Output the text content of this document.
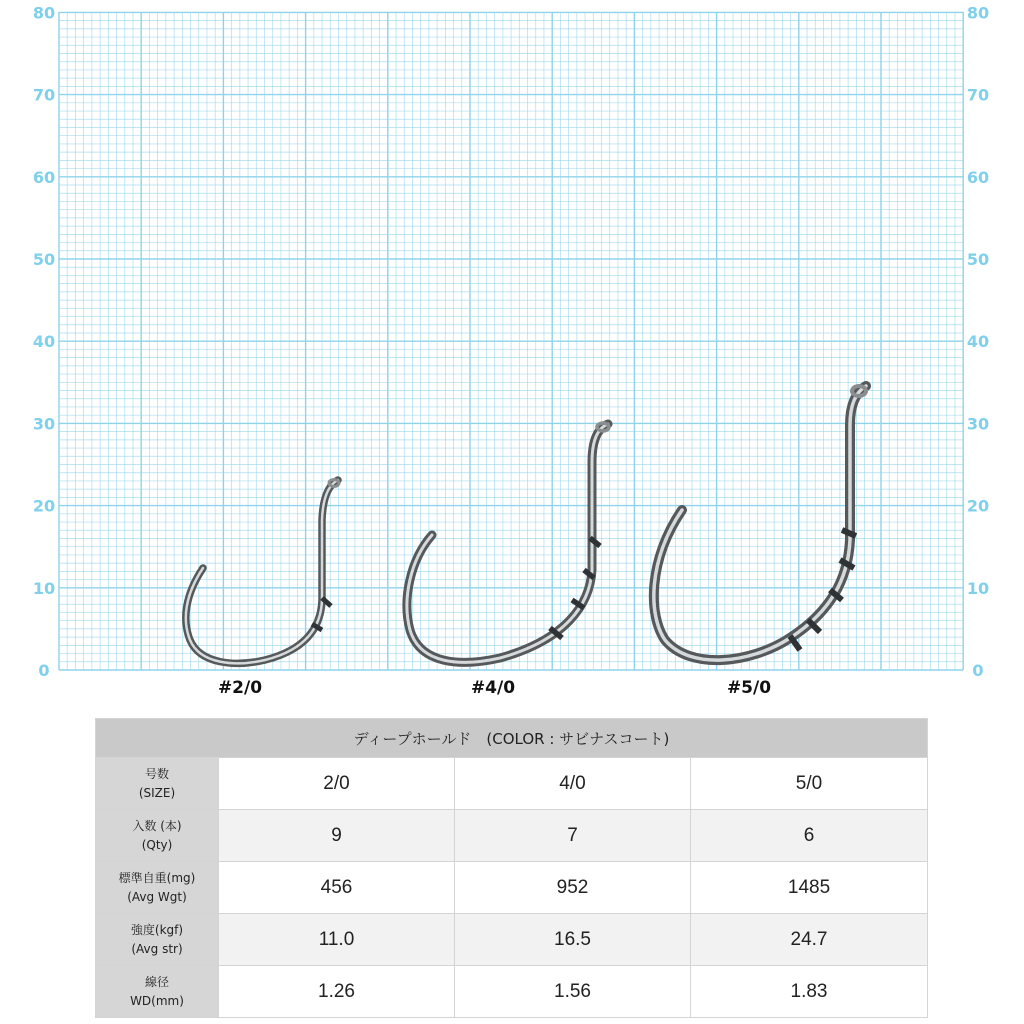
80
70
60
50
40
30
20
10
0
80
70
60
50
40
30
20
10
0
#2/0	#4/0	#5/0
ディープホールド　(COLOR : サビナスコート)			
号数
(SIZE)	2/0	4/0	5/0
入数 (本)
(Qty)	9	7	6
標準自重(mg)
(Avg Wgt)	456	952	1485
強度(kgf)
(Avg str)	11.0	16.5	24.7
線径
WD(mm)	1.26	1.56	1.83
